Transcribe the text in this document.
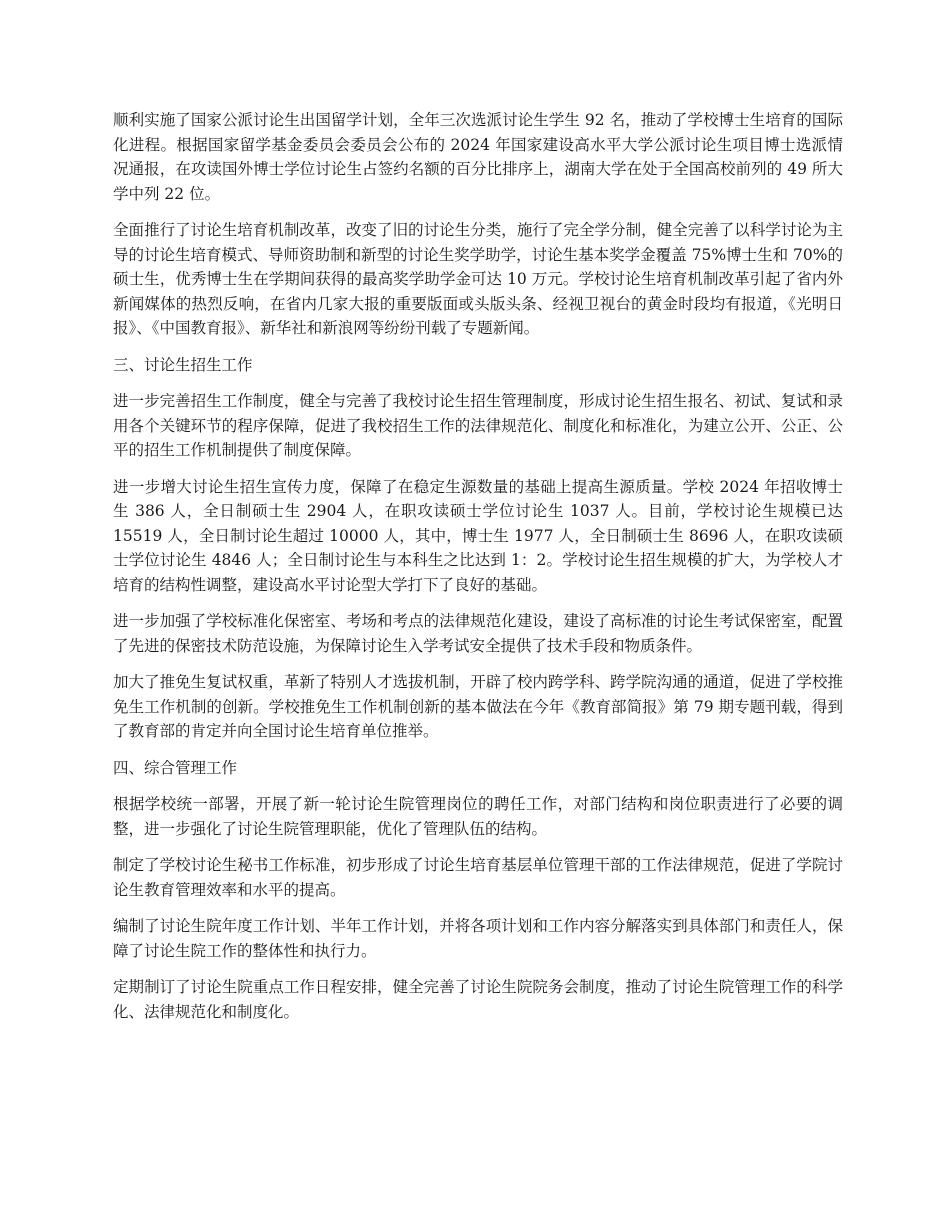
顺利实施了国家公派讨论生出国留学计划，全年三次选派讨论生学生 92 名，推动了学校博士生培育的国际化进程。根据国家留学基金委员会委员会公布的 2024 年国家建设高水平大学公派讨论生项目博士选派情况通报，在攻读国外博士学位讨论生占签约名额的百分比排序上，湖南大学在处于全国高校前列的 49 所大学中列 22 位。

全面推行了讨论生培育机制改革，改变了旧的讨论生分类，施行了完全学分制，健全完善了以科学讨论为主导的讨论生培育模式、导师资助制和新型的讨论生奖学助学，讨论生基本奖学金覆盖 75%博士生和 70%的硕士生，优秀博士生在学期间获得的最高奖学助学金可达 10 万元。学校讨论生培育机制改革引起了省内外新闻媒体的热烈反响，在省内几家大报的重要版面或头版头条、经视卫视台的黄金时段均有报道，《光明日报》、《中国教育报》、新华社和新浪网等纷纷刊载了专题新闻。

三、讨论生招生工作

进一步完善招生工作制度，健全与完善了我校讨论生招生管理制度，形成讨论生招生报名、初试、复试和录用各个关键环节的程序保障，促进了我校招生工作的法律规范化、制度化和标准化，为建立公开、公正、公平的招生工作机制提供了制度保障。

进一步增大讨论生招生宣传力度，保障了在稳定生源数量的基础上提高生源质量。学校 2024 年招收博士生 386 人，全日制硕士生 2904 人，在职攻读硕士学位讨论生 1037 人。目前，学校讨论生规模已达 15519 人，全日制讨论生超过 10000 人，其中，博士生 1977 人，全日制硕士生 8696 人，在职攻读硕士学位讨论生 4846 人；全日制讨论生与本科生之比达到 1：2。学校讨论生招生规模的扩大，为学校人才培育的结构性调整，建设高水平讨论型大学打下了良好的基础。

进一步加强了学校标准化保密室、考场和考点的法律规范化建设，建设了高标准的讨论生考试保密室，配置了先进的保密技术防范设施，为保障讨论生入学考试安全提供了技术手段和物质条件。

加大了推免生复试权重，革新了特别人才选拔机制，开辟了校内跨学科、跨学院沟通的通道，促进了学校推免生工作机制的创新。学校推免生工作机制创新的基本做法在今年《教育部简报》第 79 期专题刊载，得到了教育部的肯定并向全国讨论生培育单位推举。

四、综合管理工作

根据学校统一部署，开展了新一轮讨论生院管理岗位的聘任工作，对部门结构和岗位职责进行了必要的调整，进一步强化了讨论生院管理职能，优化了管理队伍的结构。

制定了学校讨论生秘书工作标准，初步形成了讨论生培育基层单位管理干部的工作法律规范，促进了学院讨论生教育管理效率和水平的提高。

编制了讨论生院年度工作计划、半年工作计划，并将各项计划和工作内容分解落实到具体部门和责任人，保障了讨论生院工作的整体性和执行力。

定期制订了讨论生院重点工作日程安排，健全完善了讨论生院院务会制度，推动了讨论生院管理工作的科学化、法律规范化和制度化。
